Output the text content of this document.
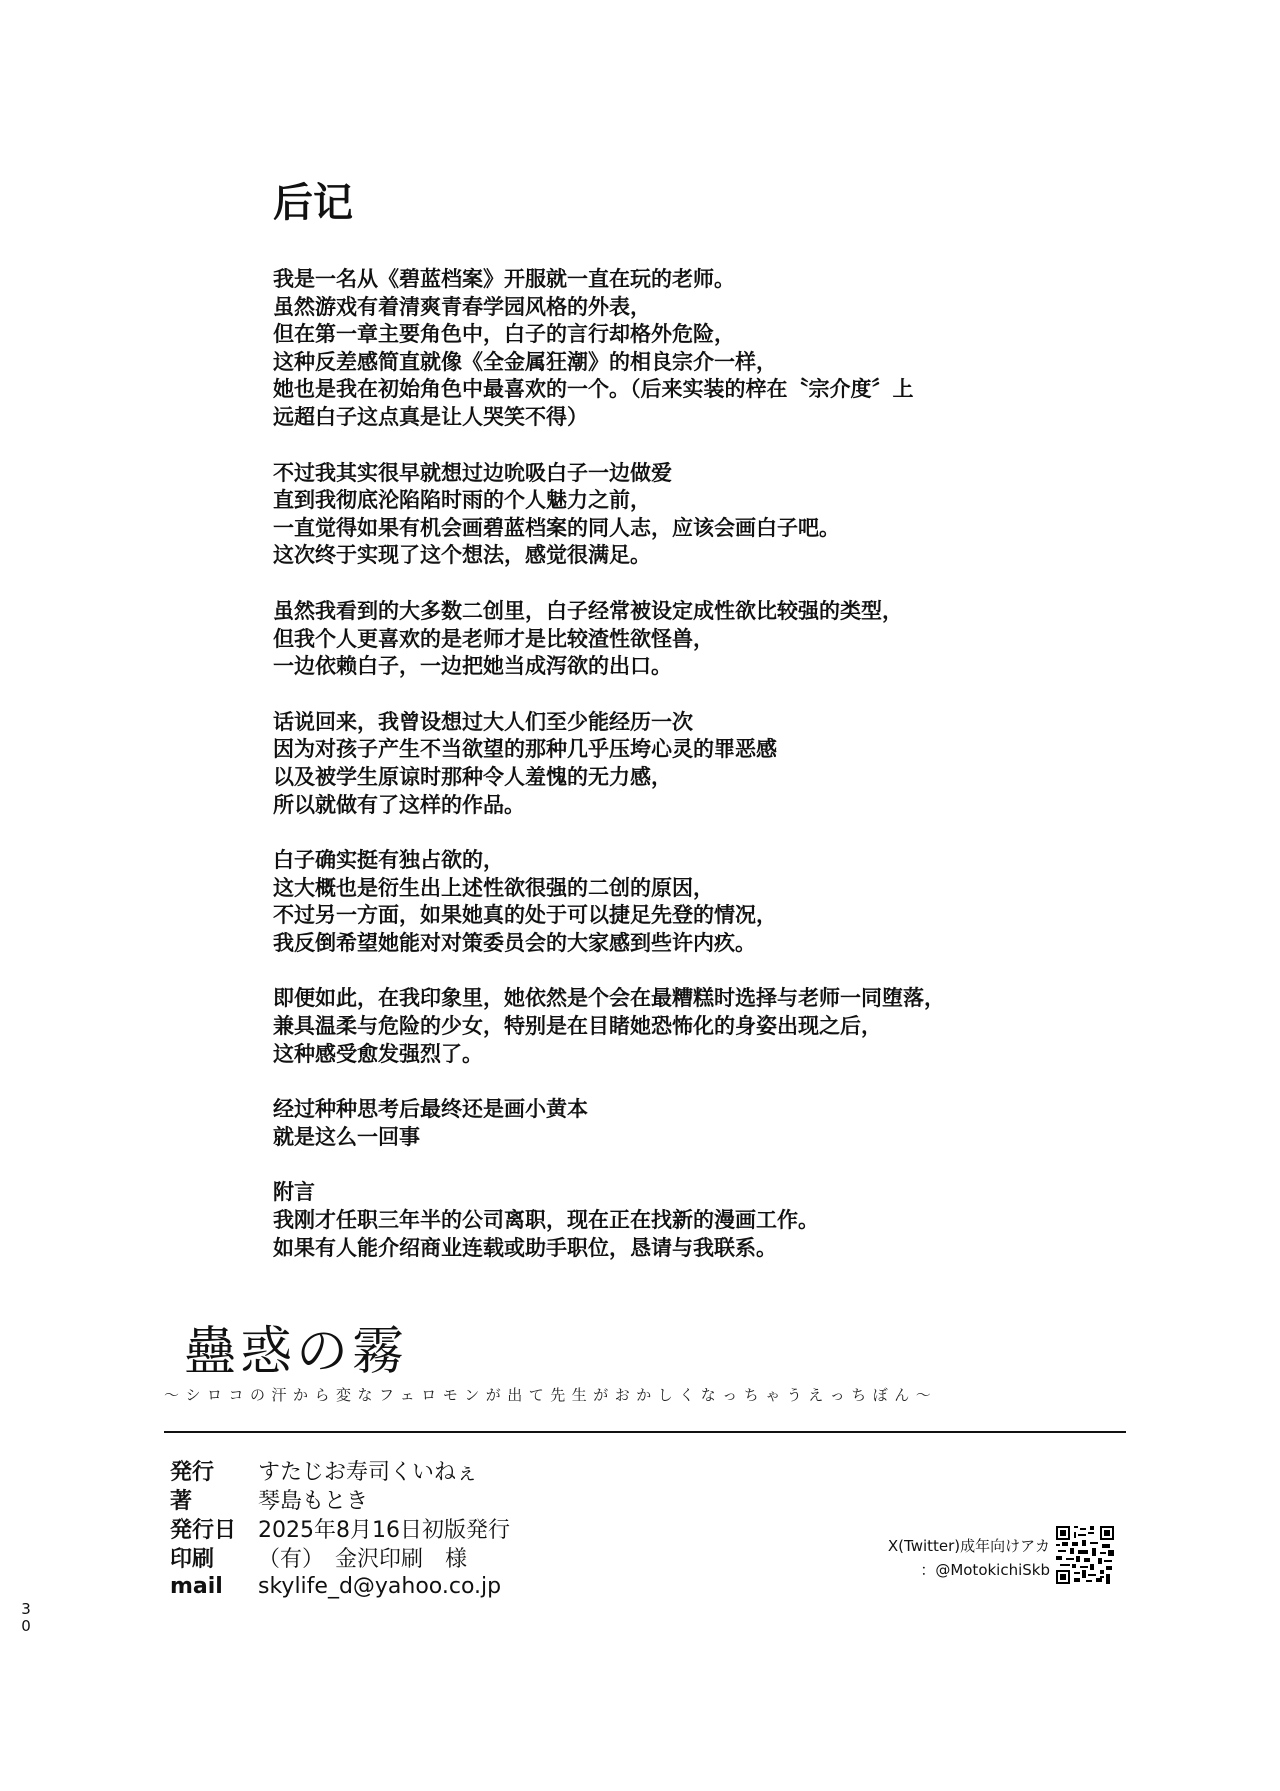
后记
我是一名从《碧蓝档案》开服就一直在玩的老师。
虽然游戏有着清爽青春学园风格的外表，
但在第一章主要角色中，白子的言行却格外危险，
这种反差感简直就像《全金属狂潮》的相良宗介一样，
她也是我在初始角色中最喜欢的一个。（后来实装的梓在〝宗介度〞上
远超白子这点真是让人哭笑不得）
不过我其实很早就想过边吮吸白子一边做爱
直到我彻底沦陷陷时雨的个人魅力之前，
一直觉得如果有机会画碧蓝档案的同人志，应该会画白子吧。
这次终于实现了这个想法，感觉很满足。
虽然我看到的大多数二创里，白子经常被设定成性欲比较强的类型，
但我个人更喜欢的是老师才是比较渣性欲怪兽，
一边依赖白子，一边把她当成泻欲的出口。
话说回来，我曾设想过大人们至少能经历一次
因为对孩子产生不当欲望的那种几乎压垮心灵的罪恶感
以及被学生原谅时那种令人羞愧的无力感，
所以就做有了这样的作品。
白子确实挺有独占欲的，
这大概也是衍生出上述性欲很强的二创的原因，
不过另一方面，如果她真的处于可以捷足先登的情况，
我反倒希望她能对对策委员会的大家感到些许内疚。
即便如此，在我印象里，她依然是个会在最糟糕时选择与老师一同堕落，
兼具温柔与危险的少女，特别是在目睹她恐怖化的身姿出现之后，
这种感受愈发强烈了。
经过种种思考后最终还是画小黄本
就是这么一回事
附言
我刚才任职三年半的公司离职，现在正在找新的漫画工作。
如果有人能介绍商业连载或助手职位，恳请与我联系。
蠱惑の霧
～シロコの汗から変なフェロモンが出て先生がおかしくなっちゃうえっちぼん～
発行	すたじお寿司くいねぇ
著	琴島もとき
発行日 2025年8月16日初版発行
印刷	（有）　金沢印刷　様
mail	skylife_d@yahoo.co.jp
X(Twitter)成年向けアカ
：@MotokichiSkb
3
0
